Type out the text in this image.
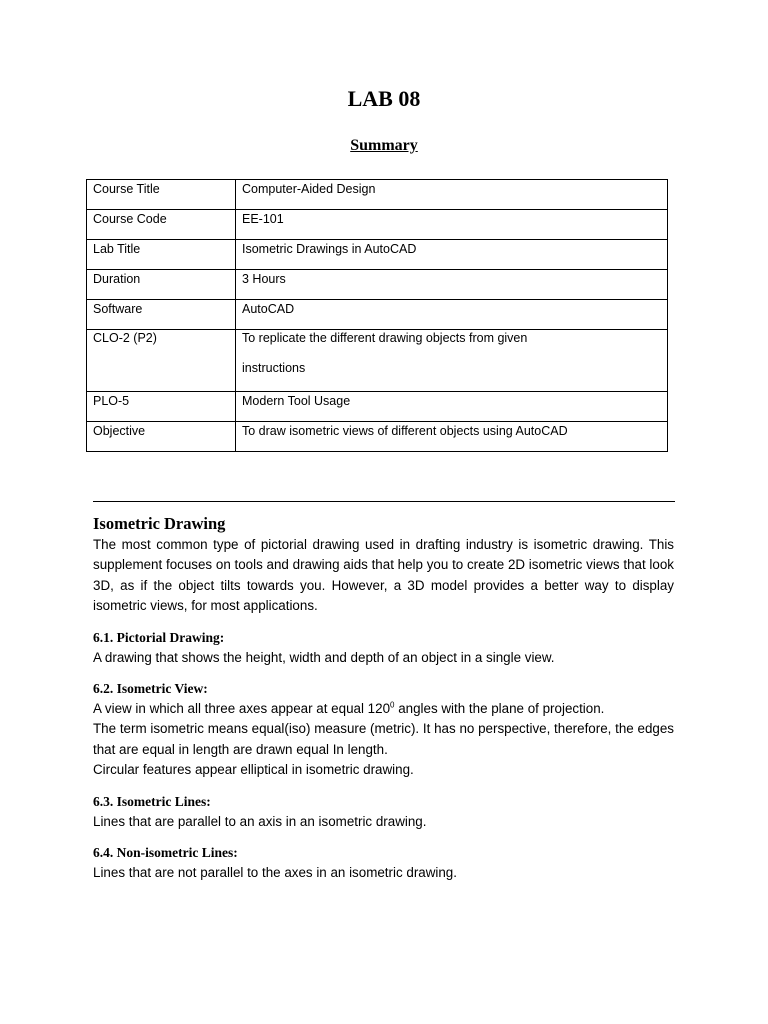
LAB 08
Summary
Course Title	Computer-Aided Design

Course Code	EE-101

Lab Title	Isometric Drawings in AutoCAD

Duration	3 Hours

Software	AutoCAD

CLO-2 (P2)	To replicate the different drawing objects from given
instructions

PLO-5	Modern Tool Usage

Objective	To draw isometric views of different objects using AutoCAD
Isometric Drawing

The most common type of pictorial drawing used in drafting industry is isometric drawing. This supplement focuses on tools and drawing aids that help you to create 2D isometric views that look 3D, as if the object tilts towards you. However, a 3D model provides a better way to display isometric views, for most applications.

6.1. Pictorial Drawing:

A drawing that shows the height, width and depth of an object in a single view.

6.2. Isometric View:

A view in which all three axes appear at equal $120^0$ angles with the plane of projection.

The term isometric means equal(iso) measure (metric). It has no perspective, therefore, the edges that are equal in length are drawn equal In length.

Circular features appear elliptical in isometric drawing.

6.3. Isometric Lines:

Lines that are parallel to an axis in an isometric drawing.

6.4. Non-isometric Lines:

Lines that are not parallel to the axes in an isometric drawing.
